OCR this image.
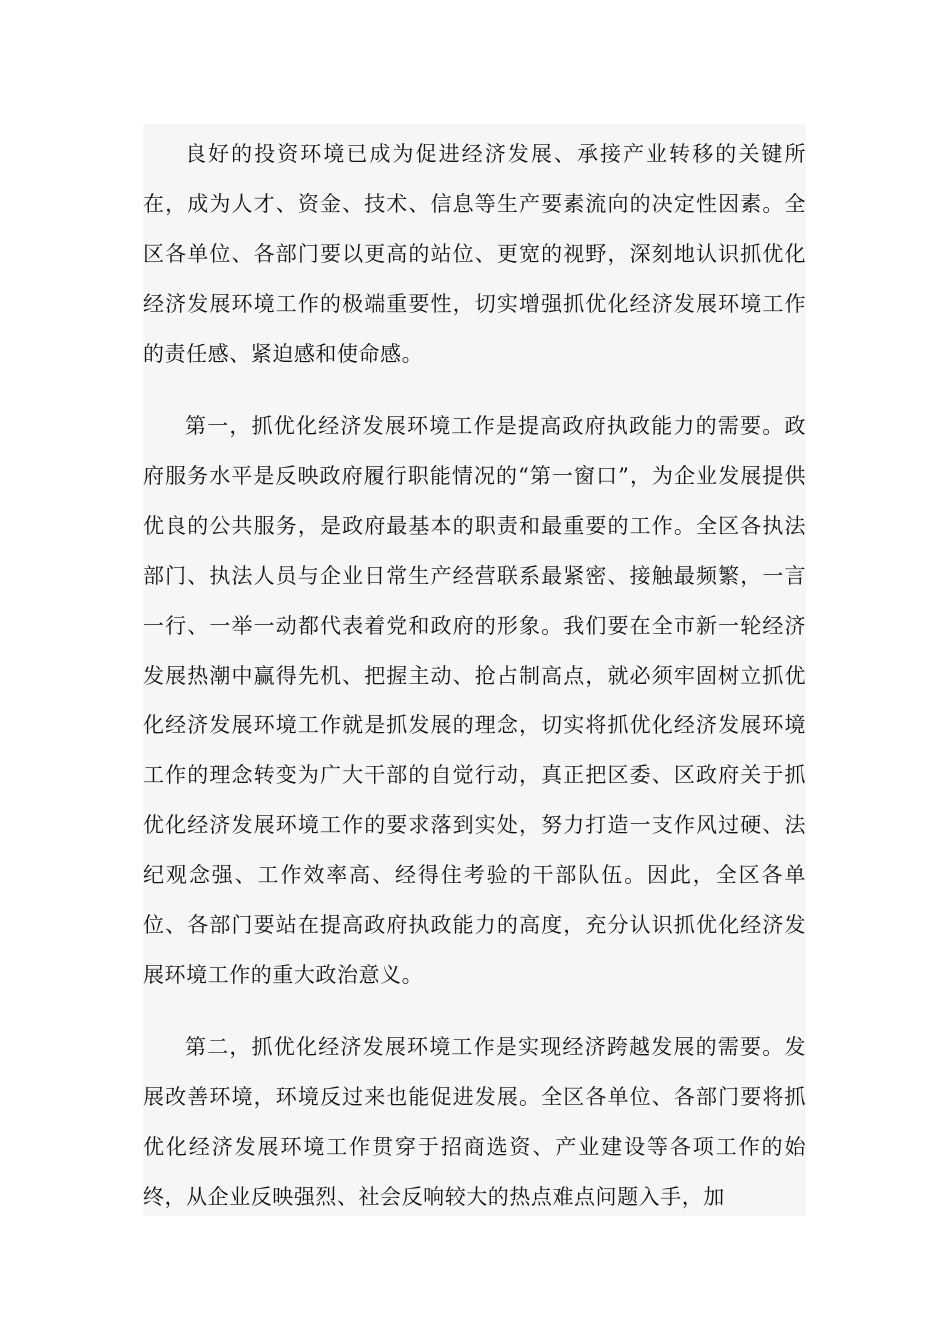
良好的投资环境已成为促进经济发展、承接产业转移的关键所在，成为人才、资金、技术、信息等生产要素流向的决定性因素。全区各单位、各部门要以更高的站位、更宽的视野，深刻地认识抓优化经济发展环境工作的极端重要性，切实增强抓优化经济发展环境工作的责任感、紧迫感和使命感。

第一，抓优化经济发展环境工作是提高政府执政能力的需要。政府服务水平是反映政府履行职能情况的“第一窗口”，为企业发展提供优良的公共服务，是政府最基本的职责和最重要的工作。全区各执法部门、执法人员与企业日常生产经营联系最紧密、接触最频繁，一言一行、一举一动都代表着党和政府的形象。我们要在全市新一轮经济发展热潮中赢得先机、把握主动、抢占制高点，就必须牢固树立抓优化经济发展环境工作就是抓发展的理念，切实将抓优化经济发展环境工作的理念转变为广大干部的自觉行动，真正把区委、区政府关于抓优化经济发展环境工作的要求落到实处，努力打造一支作风过硬、法纪观念强、工作效率高、经得住考验的干部队伍。因此，全区各单位、各部门要站在提高政府执政能力的高度，充分认识抓优化经济发展环境工作的重大政治意义。

第二，抓优化经济发展环境工作是实现经济跨越发展的需要。发展改善环境，环境反过来也能促进发展。全区各单位、各部门要将抓优化经济发展环境工作贯穿于招商选资、产业建设等各项工作的始终，从企业反映强烈、社会反响较大的热点难点问题入手，加
